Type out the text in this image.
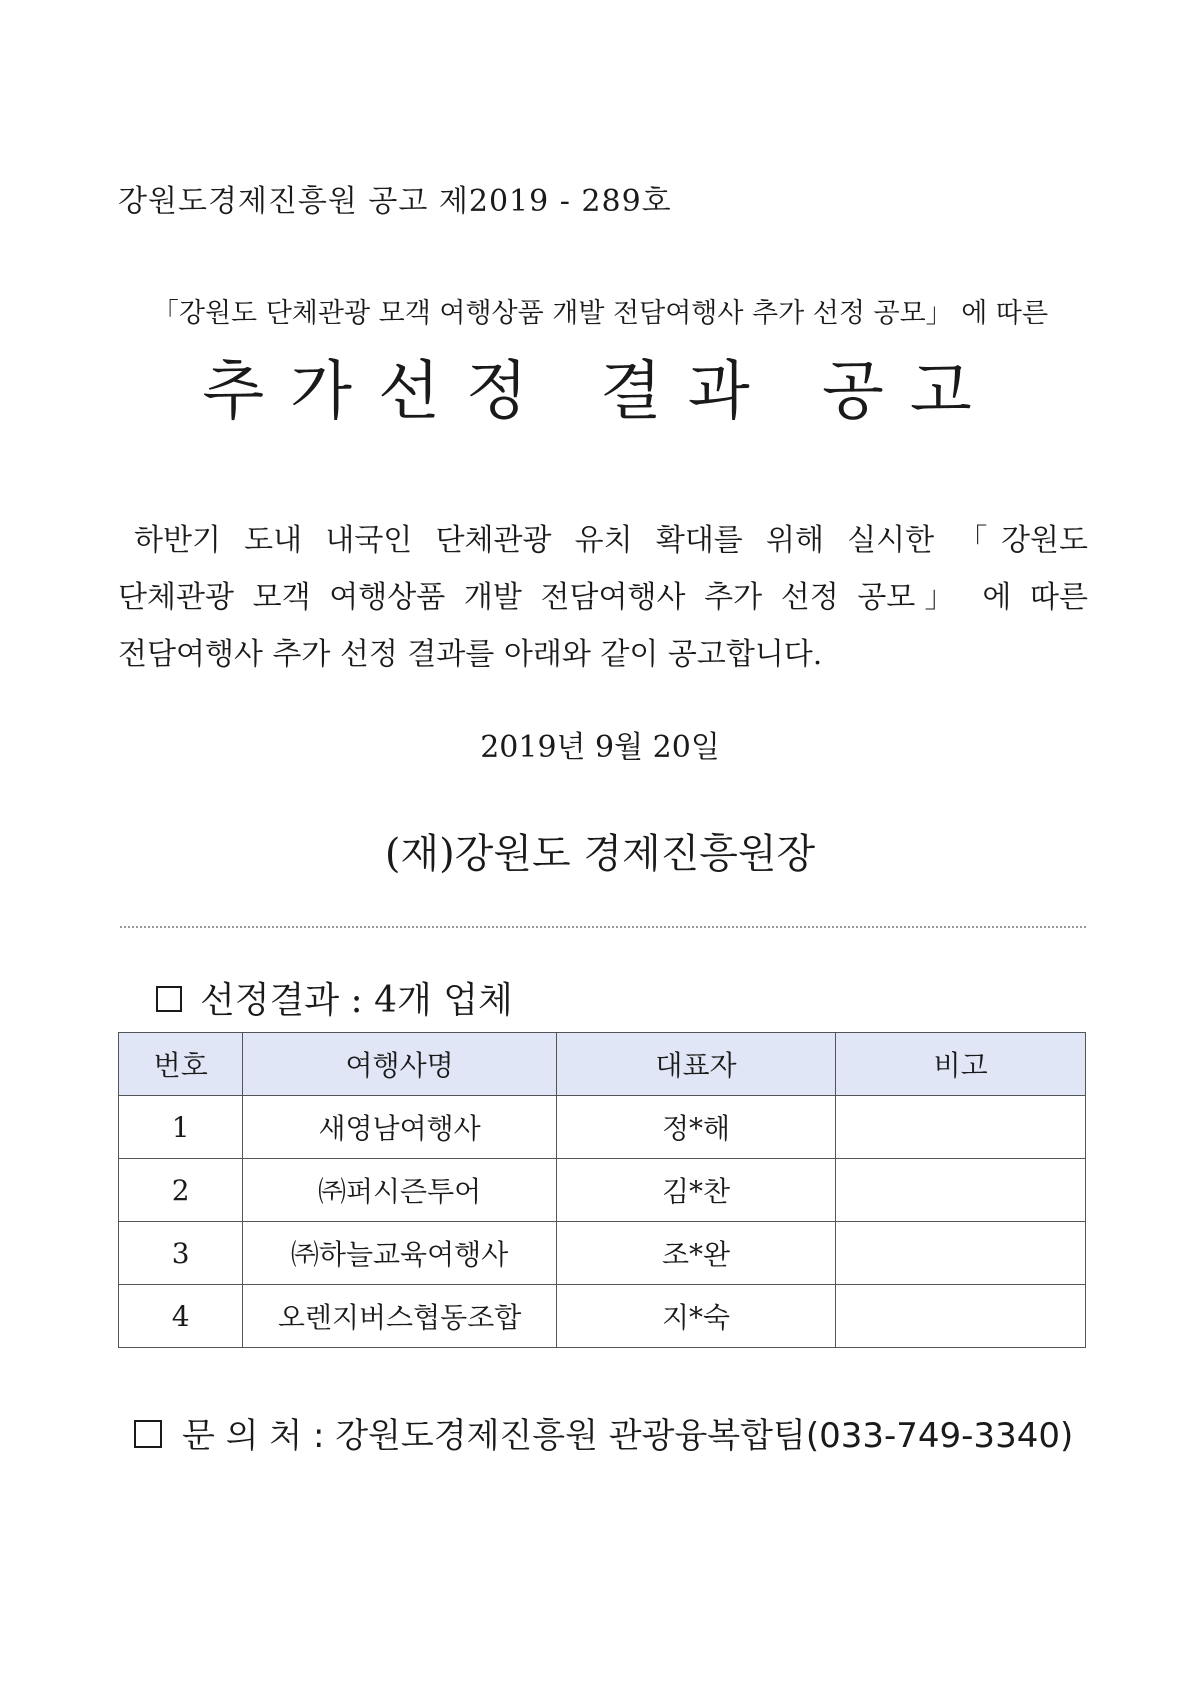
강원도경제진흥원 공고 제2019 - 289호
「강원도 단체관광 모객 여행상품 개발 전담여행사 추가 선정 공모」 에 따른
추가선정 결과 공고
하반기 도내 내국인 단체관광 유치 확대를 위해 실시한 「강원도
단체관광 모객 여행상품 개발 전담여행사 추가 선정 공모」 에 따른
전담여행사 추가 선정 결과를 아래와 같이 공고합니다.
2019년 9월 20일
(재)강원도 경제진흥원장
선정결과 : 4개 업체
번호	여행사명	대표자	비고
1	새영남여행사	정*해	
2	㈜퍼시즌투어	김*찬	
3	㈜하늘교육여행사	조*완	
4	오렌지버스협동조합	지*숙	
문 의 처 : 강원도경제진흥원 관광융복합팀(033-749-3340)
